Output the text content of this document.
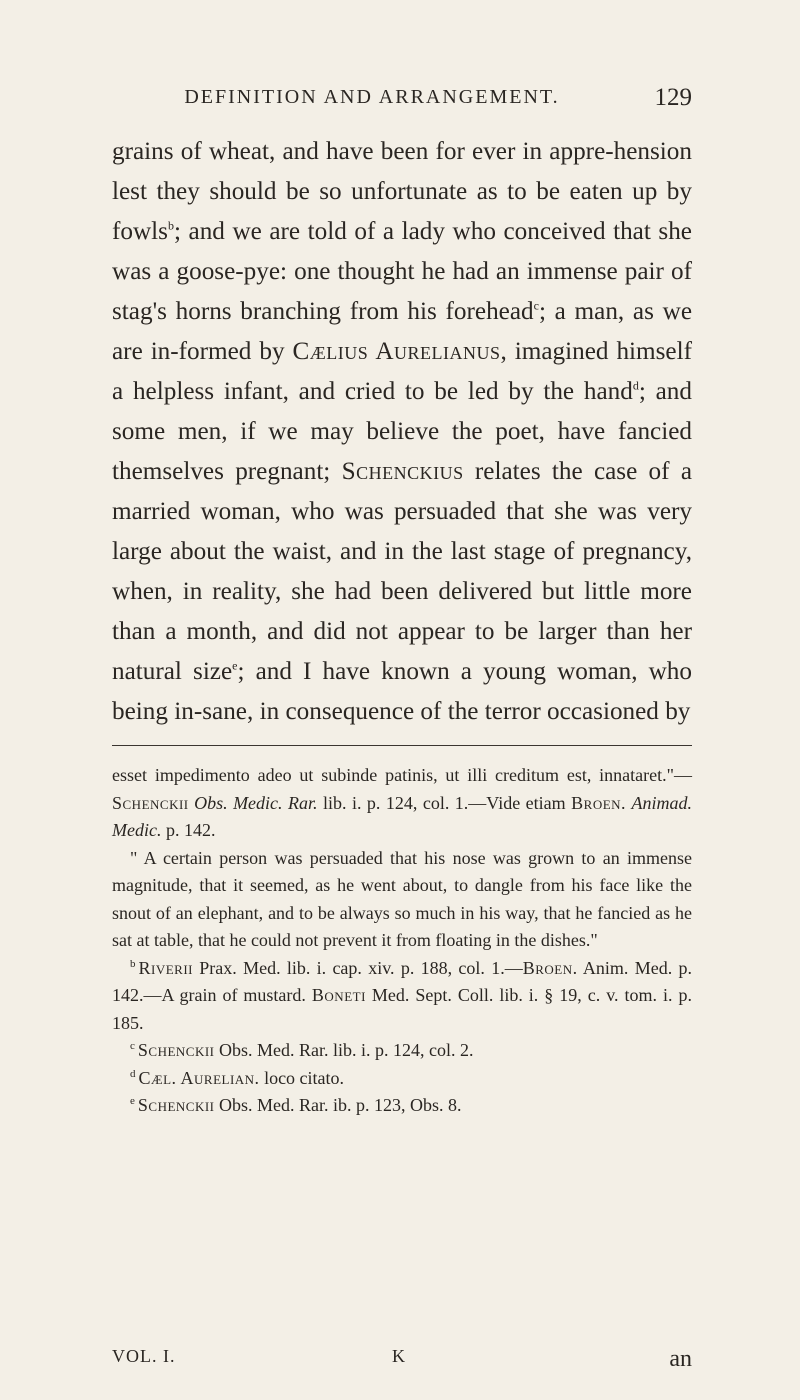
DEFINITION AND ARRANGEMENT.	129

grains of wheat, and have been for ever in appre-hension lest they should be so unfortunate as to be eaten up by fowls$^b$; and we are told of a lady who conceived that she was a goose-pye: one thought he had an immense pair of stag's horns branching from his forehead$^c$; a man, as we are in-formed by Cælius Aurelianus, imagined himself a helpless infant, and cried to be led by the hand$^d$; and some men, if we may believe the poet, have fancied themselves pregnant; Schenckius relates the case of a married woman, who was persuaded that she was very large about the waist, and in the last stage of pregnancy, when, in reality, she had been delivered but little more than a month, and did not appear to be larger than her natural size$^e$; and I have known a young woman, who being in-sane, in consequence of the terror occasioned by

esset impedimento adeo ut subinde patinis, ut illi creditum est, innataret."—Schenckii Obs. Medic. Rar. lib. i. p. 124, col. 1.—Vide etiam Broen. Animad. Medic. p. 142.

" A certain person was persuaded that his nose was grown to an immense magnitude, that it seemed, as he went about, to dangle from his face like the snout of an elephant, and to be always so much in his way, that he fancied as he sat at table, that he could not prevent it from floating in the dishes."

$^b$ Riverii Prax. Med. lib. i. cap. xiv. p. 188, col. 1.—Broen. Anim. Med. p. 142.—A grain of mustard. Boneti Med. Sept. Coll. lib. i. § 19, c. v. tom. i. p. 185.

$^c$ Schenckii Obs. Med. Rar. lib. i. p. 124, col. 2.

$^d$ Cæl. Aurelian. loco citato.

$^e$ Schenckii Obs. Med. Rar. ib. p. 123, Obs. 8.

VOL. I.	K	an
